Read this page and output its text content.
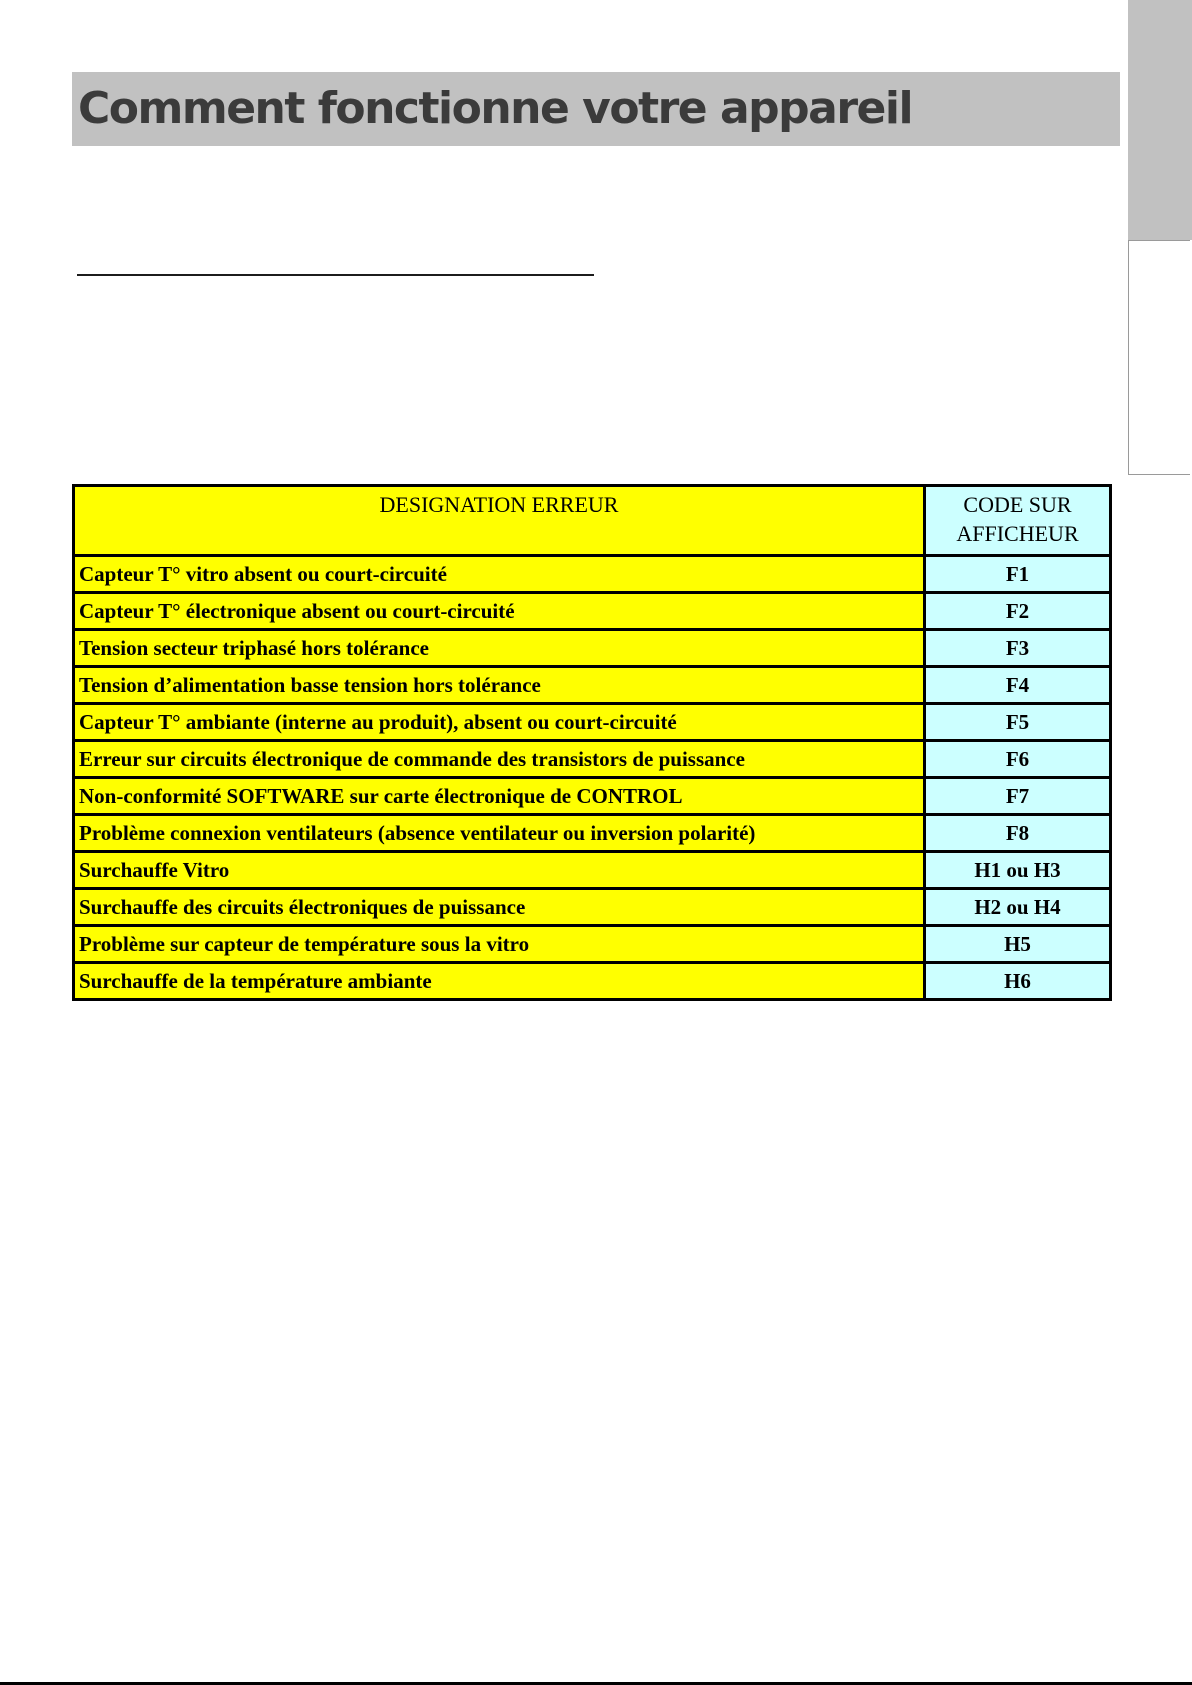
Comment fonctionne votre appareil
DESIGNATION ERREUR	CODE SUR AFFICHEUR
Capteur T° vitro absent ou court-circuité	F1
Capteur T° électronique absent ou court-circuité	F2
Tension secteur triphasé hors tolérance	F3
Tension d’alimentation basse tension hors tolérance	F4
Capteur T° ambiante (interne au produit), absent ou court-circuité	F5
Erreur sur circuits électronique de commande des transistors de puissance	F6
Non-conformité SOFTWARE sur carte électronique de CONTROL	F7
Problème connexion ventilateurs (absence ventilateur ou inversion polarité)	F8
Surchauffe Vitro	H1 ou H3
Surchauffe des circuits électroniques de puissance	H2 ou H4
Problème sur capteur de température sous la vitro	H5
Surchauffe de la température ambiante	H6
